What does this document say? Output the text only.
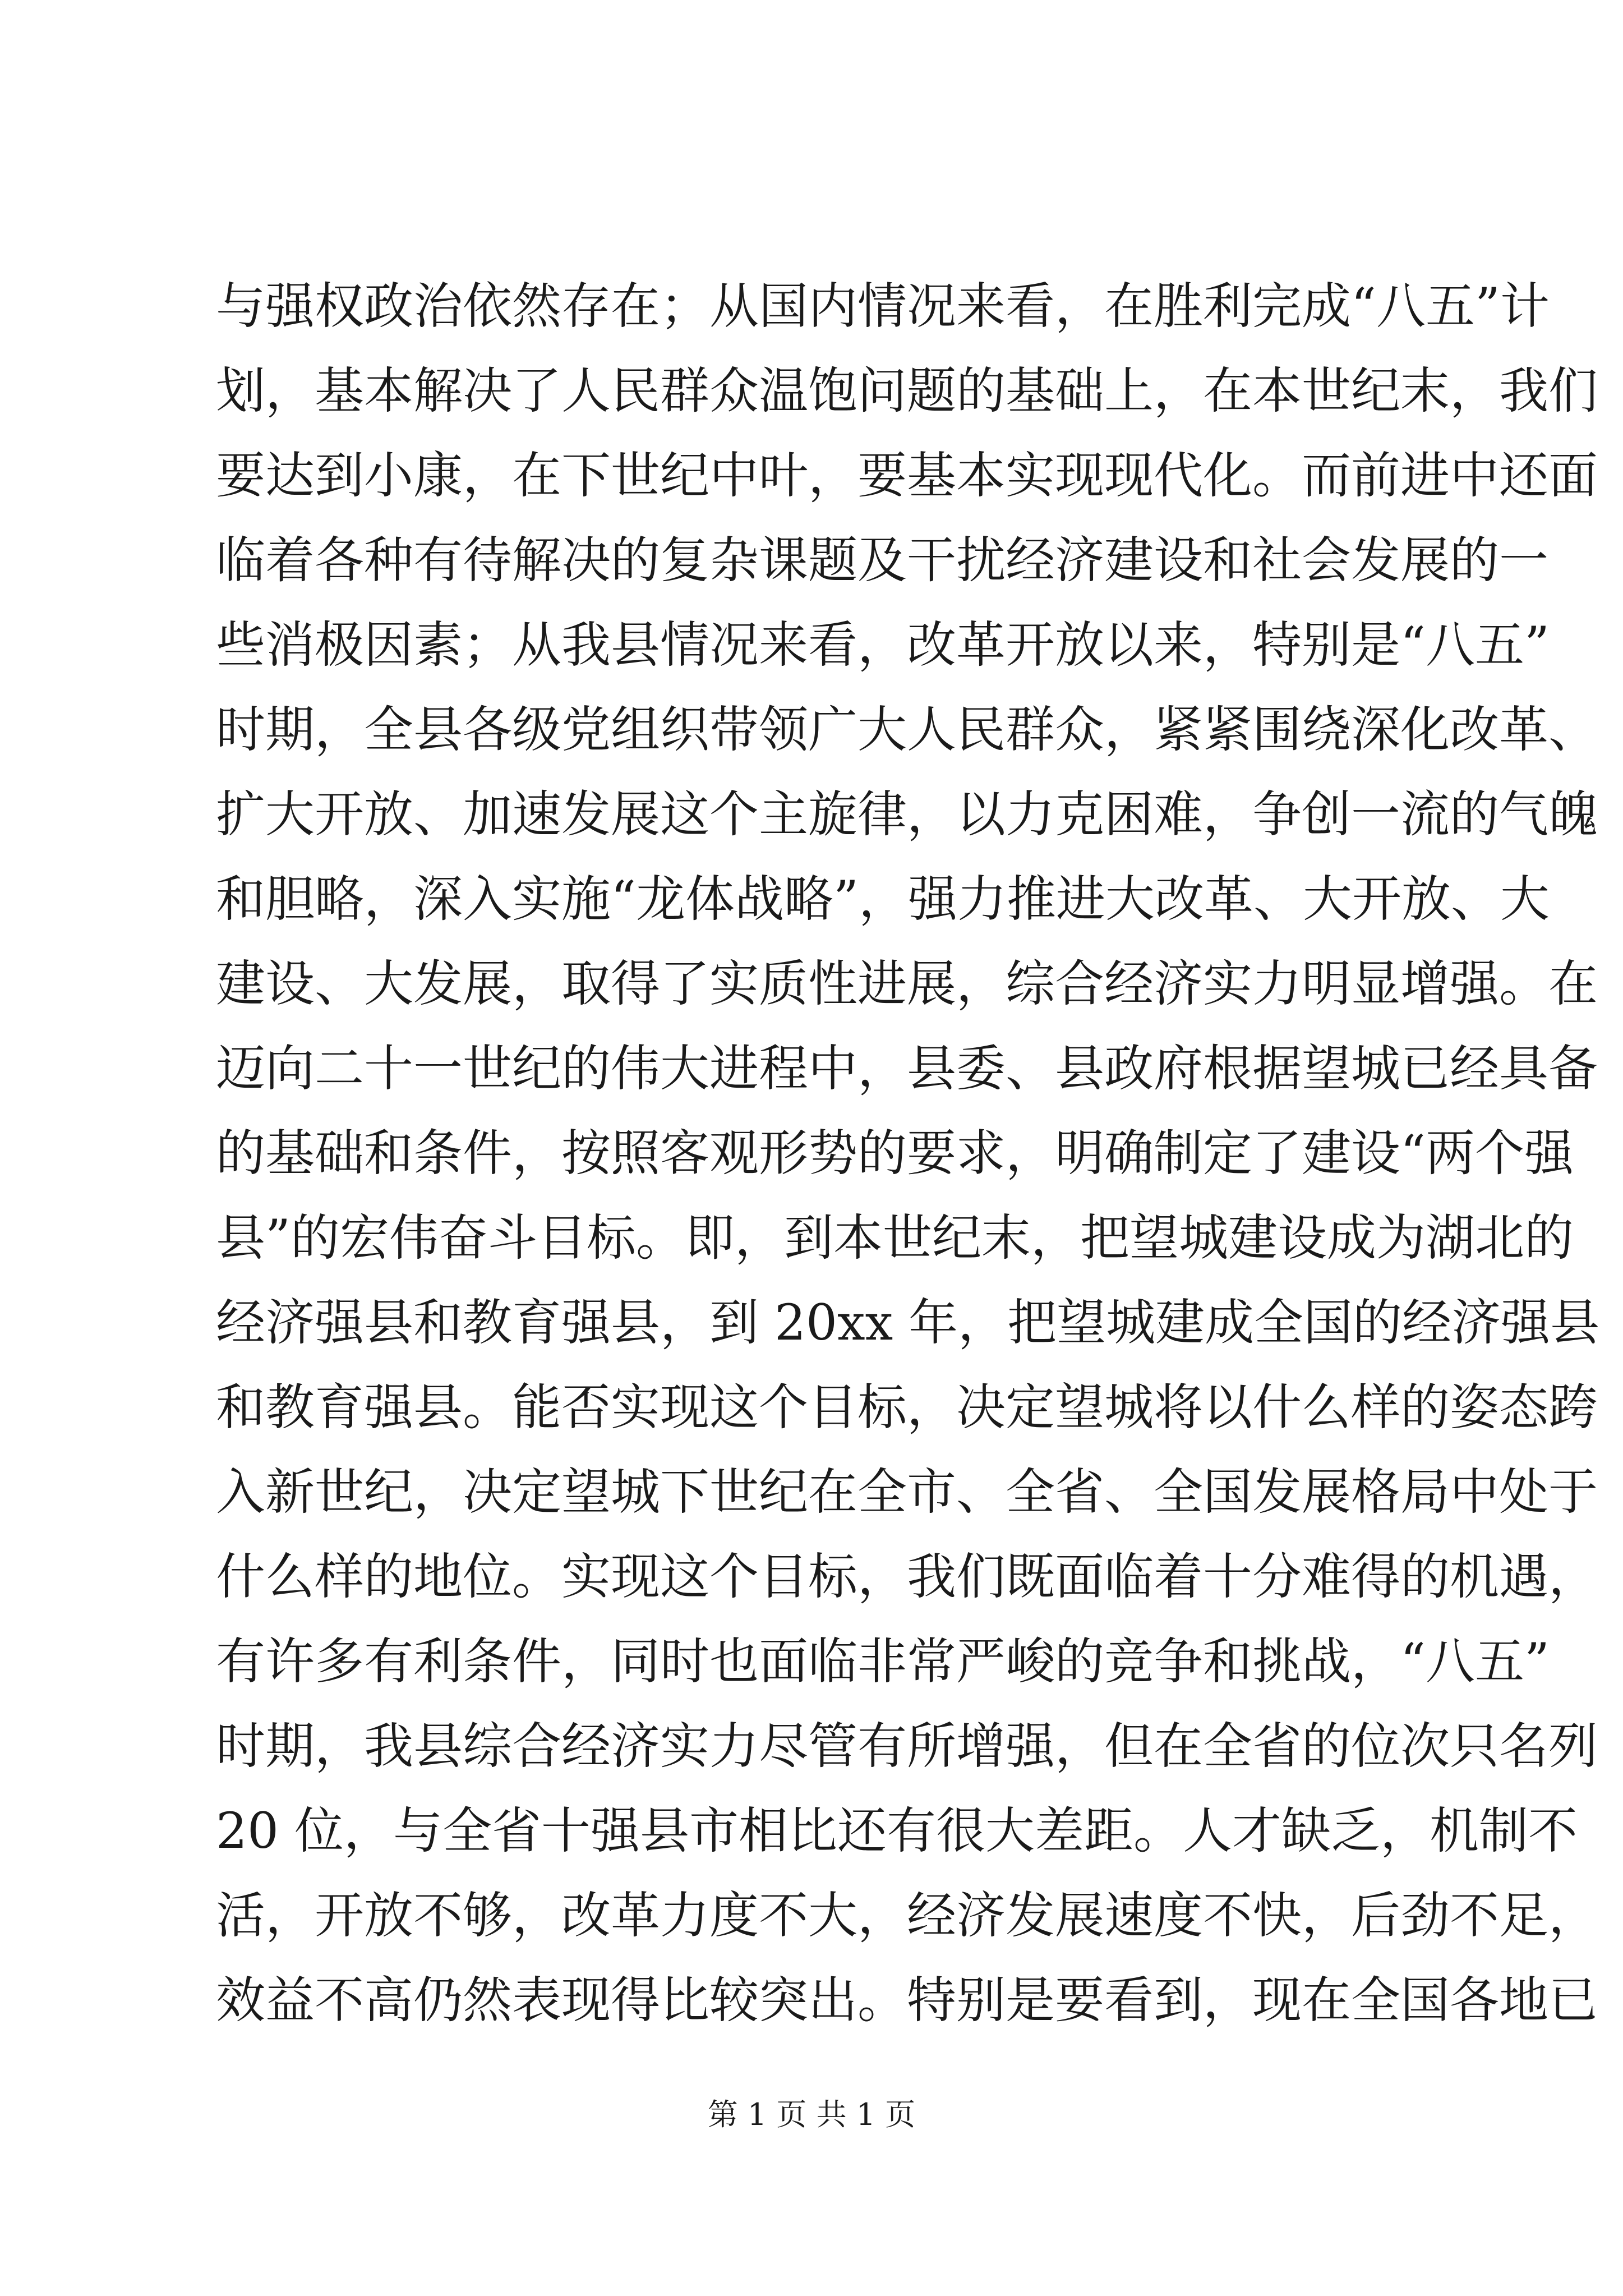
与强权政治依然存在；从国内情况来看，在胜利完成“八五”计
划，基本解决了人民群众温饱问题的基础上，在本世纪末，我们
要达到小康，在下世纪中叶，要基本实现现代化。而前进中还面
临着各种有待解决的复杂课题及干扰经济建设和社会发展的一
些消极因素；从我县情况来看，改革开放以来，特别是“八五”
时期，全县各级党组织带领广大人民群众，紧紧围绕深化改革、
扩大开放、加速发展这个主旋律，以力克困难，争创一流的气魄
和胆略，深入实施“龙体战略”，强力推进大改革、大开放、大
建设、大发展，取得了实质性进展，综合经济实力明显增强。在
迈向二十一世纪的伟大进程中，县委、县政府根据望城已经具备
的基础和条件，按照客观形势的要求，明确制定了建设“两个强
县”的宏伟奋斗目标。即，到本世纪末，把望城建设成为湖北的
经济强县和教育强县，到 20xx 年，把望城建成全国的经济强县
和教育强县。能否实现这个目标，决定望城将以什么样的姿态跨
入新世纪，决定望城下世纪在全市、全省、全国发展格局中处于
什么样的地位。实现这个目标，我们既面临着十分难得的机遇，
有许多有利条件，同时也面临非常严峻的竞争和挑战，“八五”
时期，我县综合经济实力尽管有所增强，但在全省的位次只名列
20 位，与全省十强县市相比还有很大差距。人才缺乏，机制不
活，开放不够，改革力度不大，经济发展速度不快，后劲不足，
效益不高仍然表现得比较突出。特别是要看到，现在全国各地已
第 1 页 共 1 页
